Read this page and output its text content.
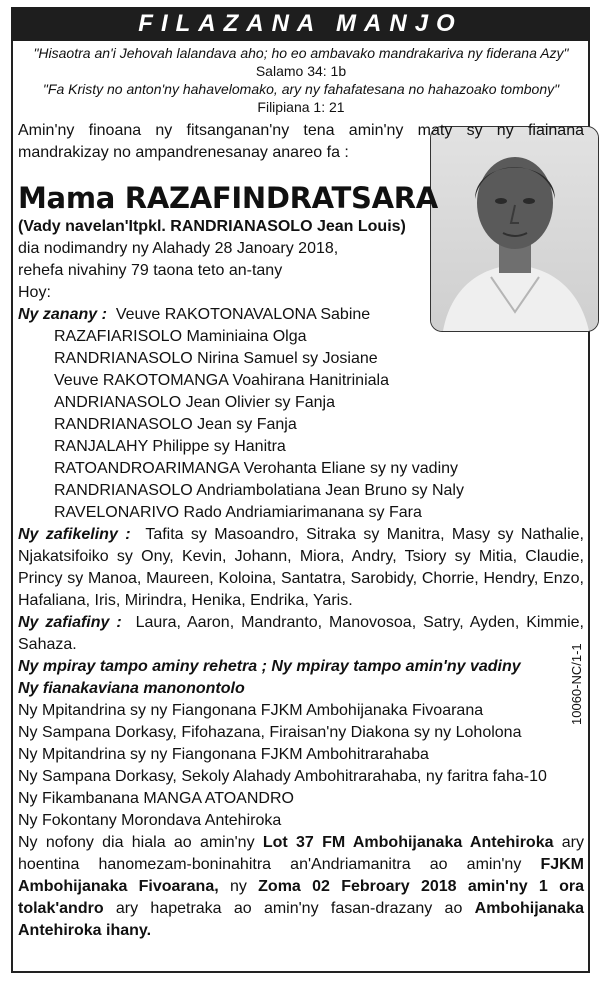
FILAZANA MANJO

"Hisaotra an'i Jehovah lalandava aho; ho eo ambavako mandrakariva ny fiderana Azy"

Salamo 34: 1b

"Fa Kristy no anton'ny hahavelomako, ary ny fahafatesana no hahazoako tombony"

Filipiana 1: 21

Amin'ny finoana ny fitsanganan'ny tena amin'ny maty sy ny fiainana mandrakizay no ampandrenesanay anareo fa :

Mama RAZAFINDRATSARA

(Vady navelan'Itpkl. RANDRIANASOLO Jean Louis)

dia nodimandry ny Alahady 28 Janoary 2018,

rehefa nivahiny 79 taona teto an-tany

Hoy:

Ny zanany : Veuve RAKOTONAVALONA Sabine

RAZAFIARISOLO Maminiaina Olga

RANDRIANASOLO Nirina Samuel sy Josiane

Veuve RAKOTOMANGA Voahirana Hanitriniala

ANDRIANASOLO Jean Olivier sy Fanja

RANDRIANASOLO Jean sy Fanja

RANJALAHY Philippe sy Hanitra

RATOANDROARIMANGA Verohanta Eliane sy ny vadiny

RANDRIANASOLO Andriambolatiana Jean Bruno sy Naly

RAVELONARIVO Rado Andriamiarimanana sy Fara

Ny zafikeliny : Tafita sy Masoandro, Sitraka sy Manitra, Masy sy Nathalie, Njakatsifoiko sy Ony, Kevin, Johann, Miora, Andry, Tsiory sy Mitia, Claudie, Princy sy Manoa, Maureen, Koloina, Santatra, Sarobidy, Chorrie, Hendry, Enzo, Hafaliana, Iris, Mirindra, Henika, Endrika, Yaris.

Ny zafiafiny : Laura, Aaron, Mandranto, Manovosoa, Satry, Ayden, Kimmie, Sahaza.

Ny mpiray tampo aminy rehetra ; Ny mpiray tampo amin'ny vadiny

Ny fianakaviana manonontolo

Ny Mpitandrina sy ny Fiangonana FJKM Ambohijanaka Fivoarana

Ny Sampana Dorkasy, Fifohazana, Firaisan'ny Diakona sy ny Loholona

Ny Mpitandrina sy ny Fiangonana FJKM Ambohitrarahaba

Ny Sampana Dorkasy, Sekoly Alahady Ambohitrarahaba, ny faritra faha-10

Ny Fikambanana MANGA ATOANDRO

Ny Fokontany Morondava Antehiroka

Ny nofony dia hiala ao amin'ny Lot 37 FM Ambohijanaka Antehiroka ary hoentina hanomezam-boninahitra an'Andriamanitra ao amin'ny FJKM Ambohijanaka Fivoarana, ny Zoma 02 Febroary 2018 amin'ny 1 ora tolak'andro ary hapetraka ao amin'ny fasan-drazany ao Ambohijanaka Antehiroka ihany.

10060-NC/1-1
